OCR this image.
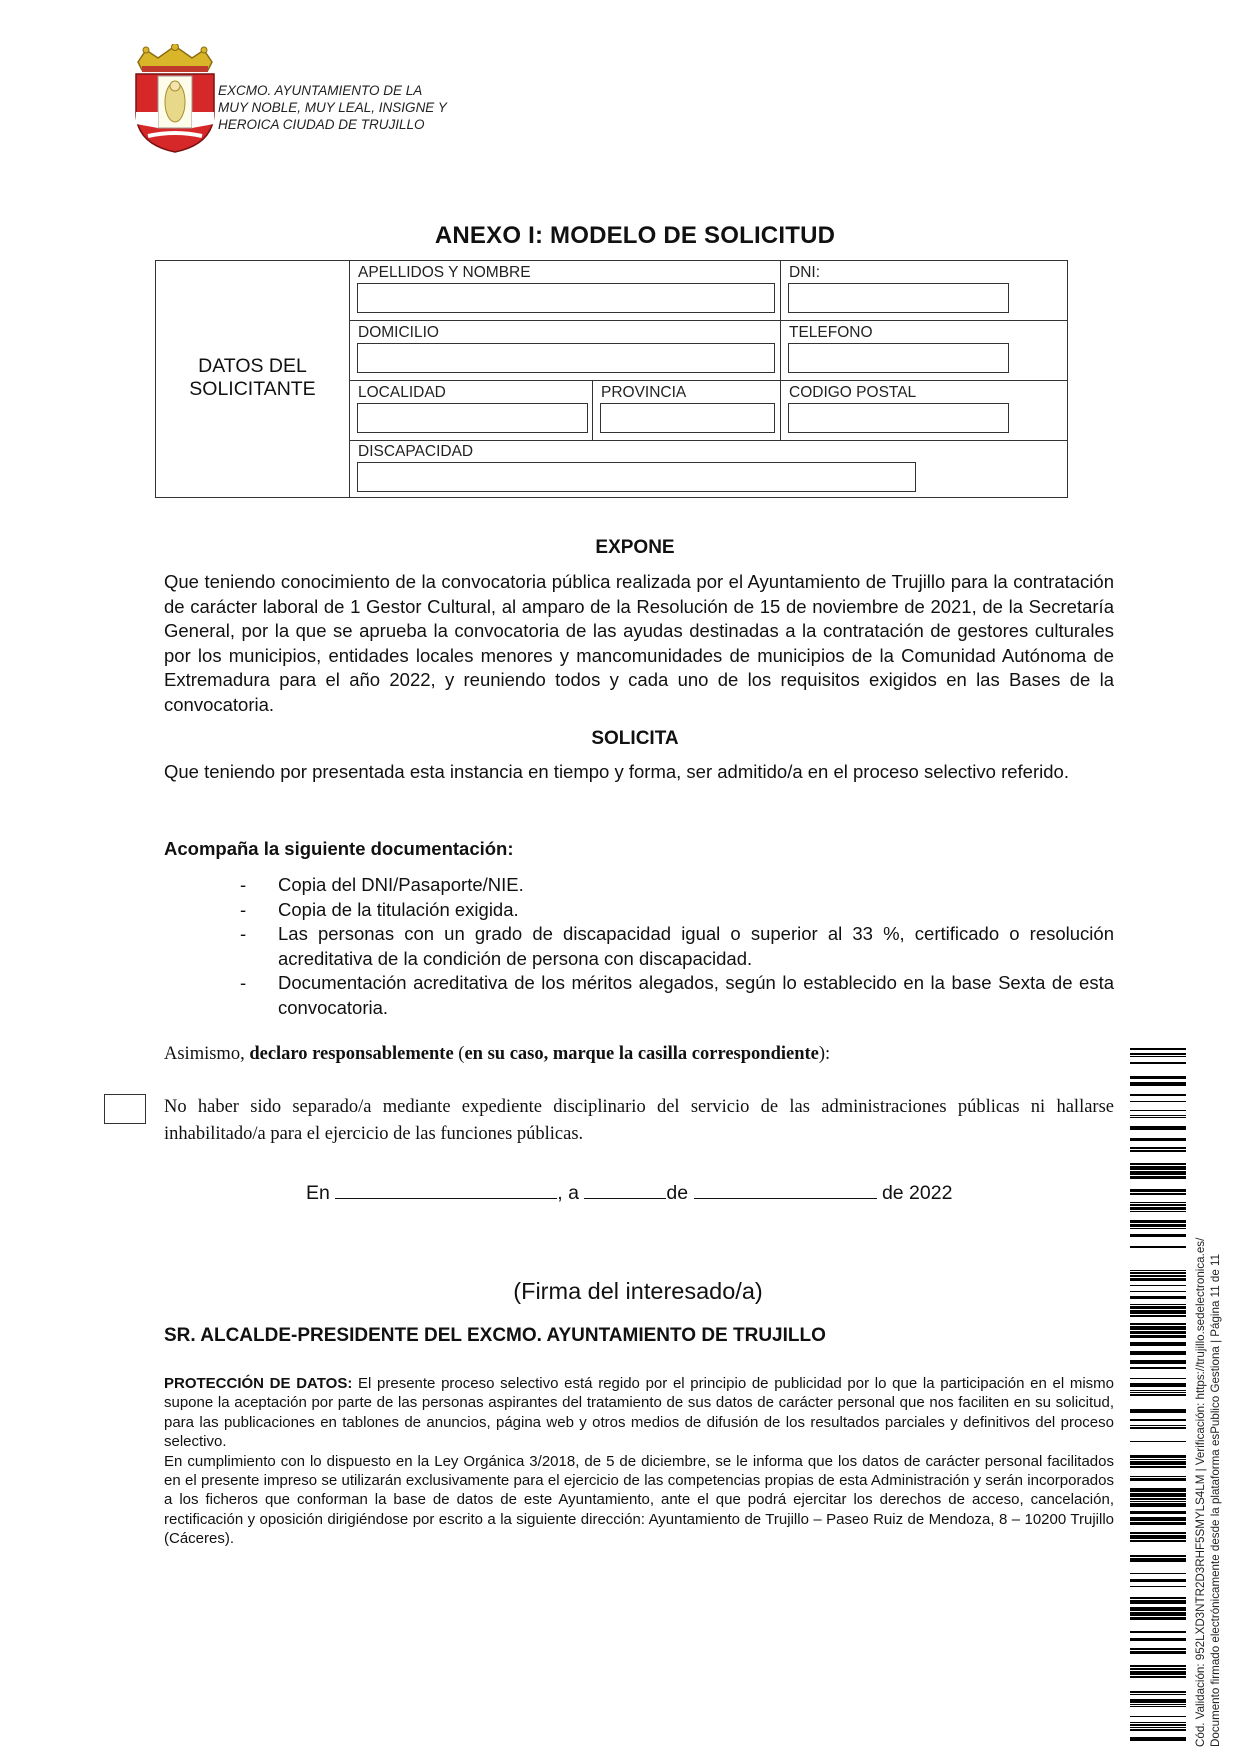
EXCMO. AYUNTAMIENTO DE LA
MUY NOBLE, MUY LEAL, INSIGNE Y
HEROICA CIUDAD DE TRUJILLO
ANEXO I: MODELO DE SOLICITUD
DATOS DEL
SOLICITANTE
APELLIDOS Y NOMBRE	DNI:
DOMICILIO	TELEFONO
LOCALIDAD	PROVINCIA	CODIGO POSTAL
DISCAPACIDAD
EXPONE
Que teniendo conocimiento de la convocatoria pública realizada por el Ayuntamiento de Trujillo para la contratación de carácter laboral de 1 Gestor Cultural, al amparo de la Resolución de 15 de noviembre de 2021, de la Secretaría General, por la que se aprueba la convocatoria de las ayudas destinadas a la contratación de gestores culturales por los municipios, entidades locales menores y mancomunidades de municipios de la Comunidad Autónoma de Extremadura para el año 2022, y reuniendo todos y cada uno de los requisitos exigidos en las Bases de la convocatoria.
SOLICITA
Que teniendo por presentada esta instancia en tiempo y forma, ser admitido/a en el proceso selectivo referido.
Acompaña la siguiente documentación:
- Copia del DNI/Pasaporte/NIE.
- Copia de la titulación exigida.
- Las personas con un grado de discapacidad igual o superior al 33 %, certificado o resolución acreditativa de la condición de persona con discapacidad.
- Documentación acreditativa de los méritos alegados, según lo establecido en la base Sexta de esta convocatoria.
Asimismo, declaro responsablemente (en su caso, marque la casilla correspondiente):
No haber sido separado/a mediante expediente disciplinario del servicio de las administraciones públicas ni hallarse inhabilitado/a para el ejercicio de las funciones públicas.
En	, a	de	de 2022
(Firma del interesado/a)
SR. ALCALDE-PRESIDENTE DEL EXCMO. AYUNTAMIENTO DE TRUJILLO

PROTECCIÓN DE DATOS: El presente proceso selectivo está regido por el principio de publicidad por lo que la participación en el mismo supone la aceptación por parte de las personas aspirantes del tratamiento de sus datos de carácter personal que nos faciliten en su solicitud, para las publicaciones en tablones de anuncios, página web y otros medios de difusión de los resultados parciales y definitivos del proceso selectivo.

En cumplimiento con lo dispuesto en la Ley Orgánica 3/2018, de 5 de diciembre, se le informa que los datos de carácter personal facilitados en el presente impreso se utilizarán exclusivamente para el ejercicio de las competencias propias de esta Administración y serán incorporados a los ficheros que conforman la base de datos de este Ayuntamiento, ante el que podrá ejercitar los derechos de acceso, cancelación, rectificación y oposición dirigiéndose por escrito a la siguiente dirección: Ayuntamiento de Trujillo – Paseo Ruiz de Mendoza, 8 – 10200 Trujillo (Cáceres).	Cód. Validación: 952LXD3NTR2D3RHF5SMYLS4LM | Verificación: https://trujillo.sedelectronica.es/ Documento firmado electrónicamente desde la plataforma esPublico Gestiona | Página 11 de 11
